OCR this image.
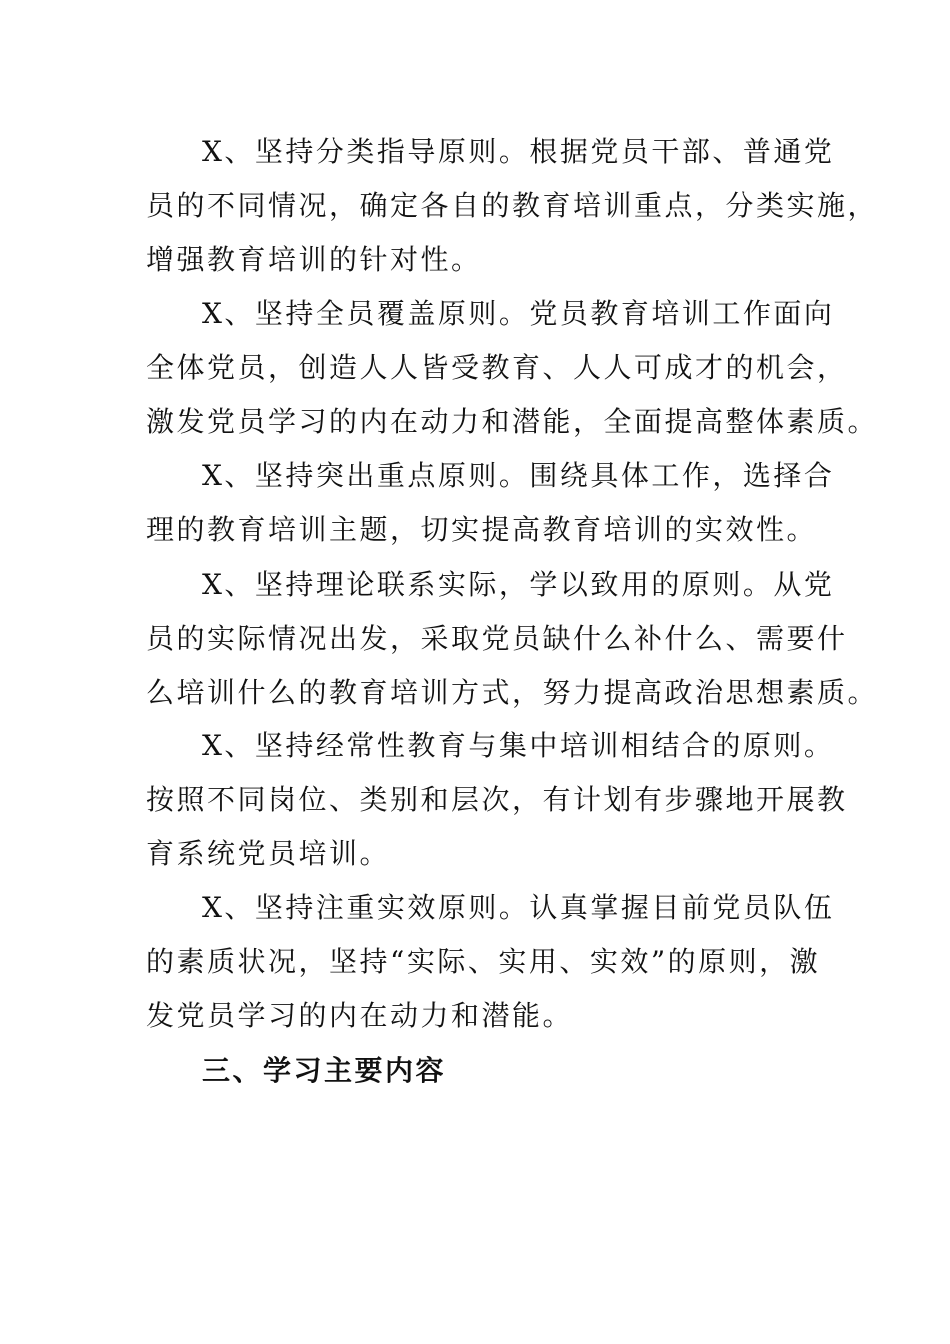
X、坚持分类指导原则。根据党员干部、普通党
员的不同情况，确定各自的教育培训重点，分类实施，
增强教育培训的针对性。
X、坚持全员覆盖原则。党员教育培训工作面向
全体党员，创造人人皆受教育、人人可成才的机会，
激发党员学习的内在动力和潜能，全面提高整体素质。
X、坚持突出重点原则。围绕具体工作，选择合
理的教育培训主题，切实提高教育培训的实效性。
X、坚持理论联系实际，学以致用的原则。从党
员的实际情况出发，采取党员缺什么补什么、需要什
么培训什么的教育培训方式，努力提高政治思想素质。
X、坚持经常性教育与集中培训相结合的原则。
按照不同岗位、类别和层次，有计划有步骤地开展教
育系统党员培训。
X、坚持注重实效原则。认真掌握目前党员队伍
的素质状况，坚持“实际、实用、实效”的原则，激
发党员学习的内在动力和潜能。
三、学习主要内容
